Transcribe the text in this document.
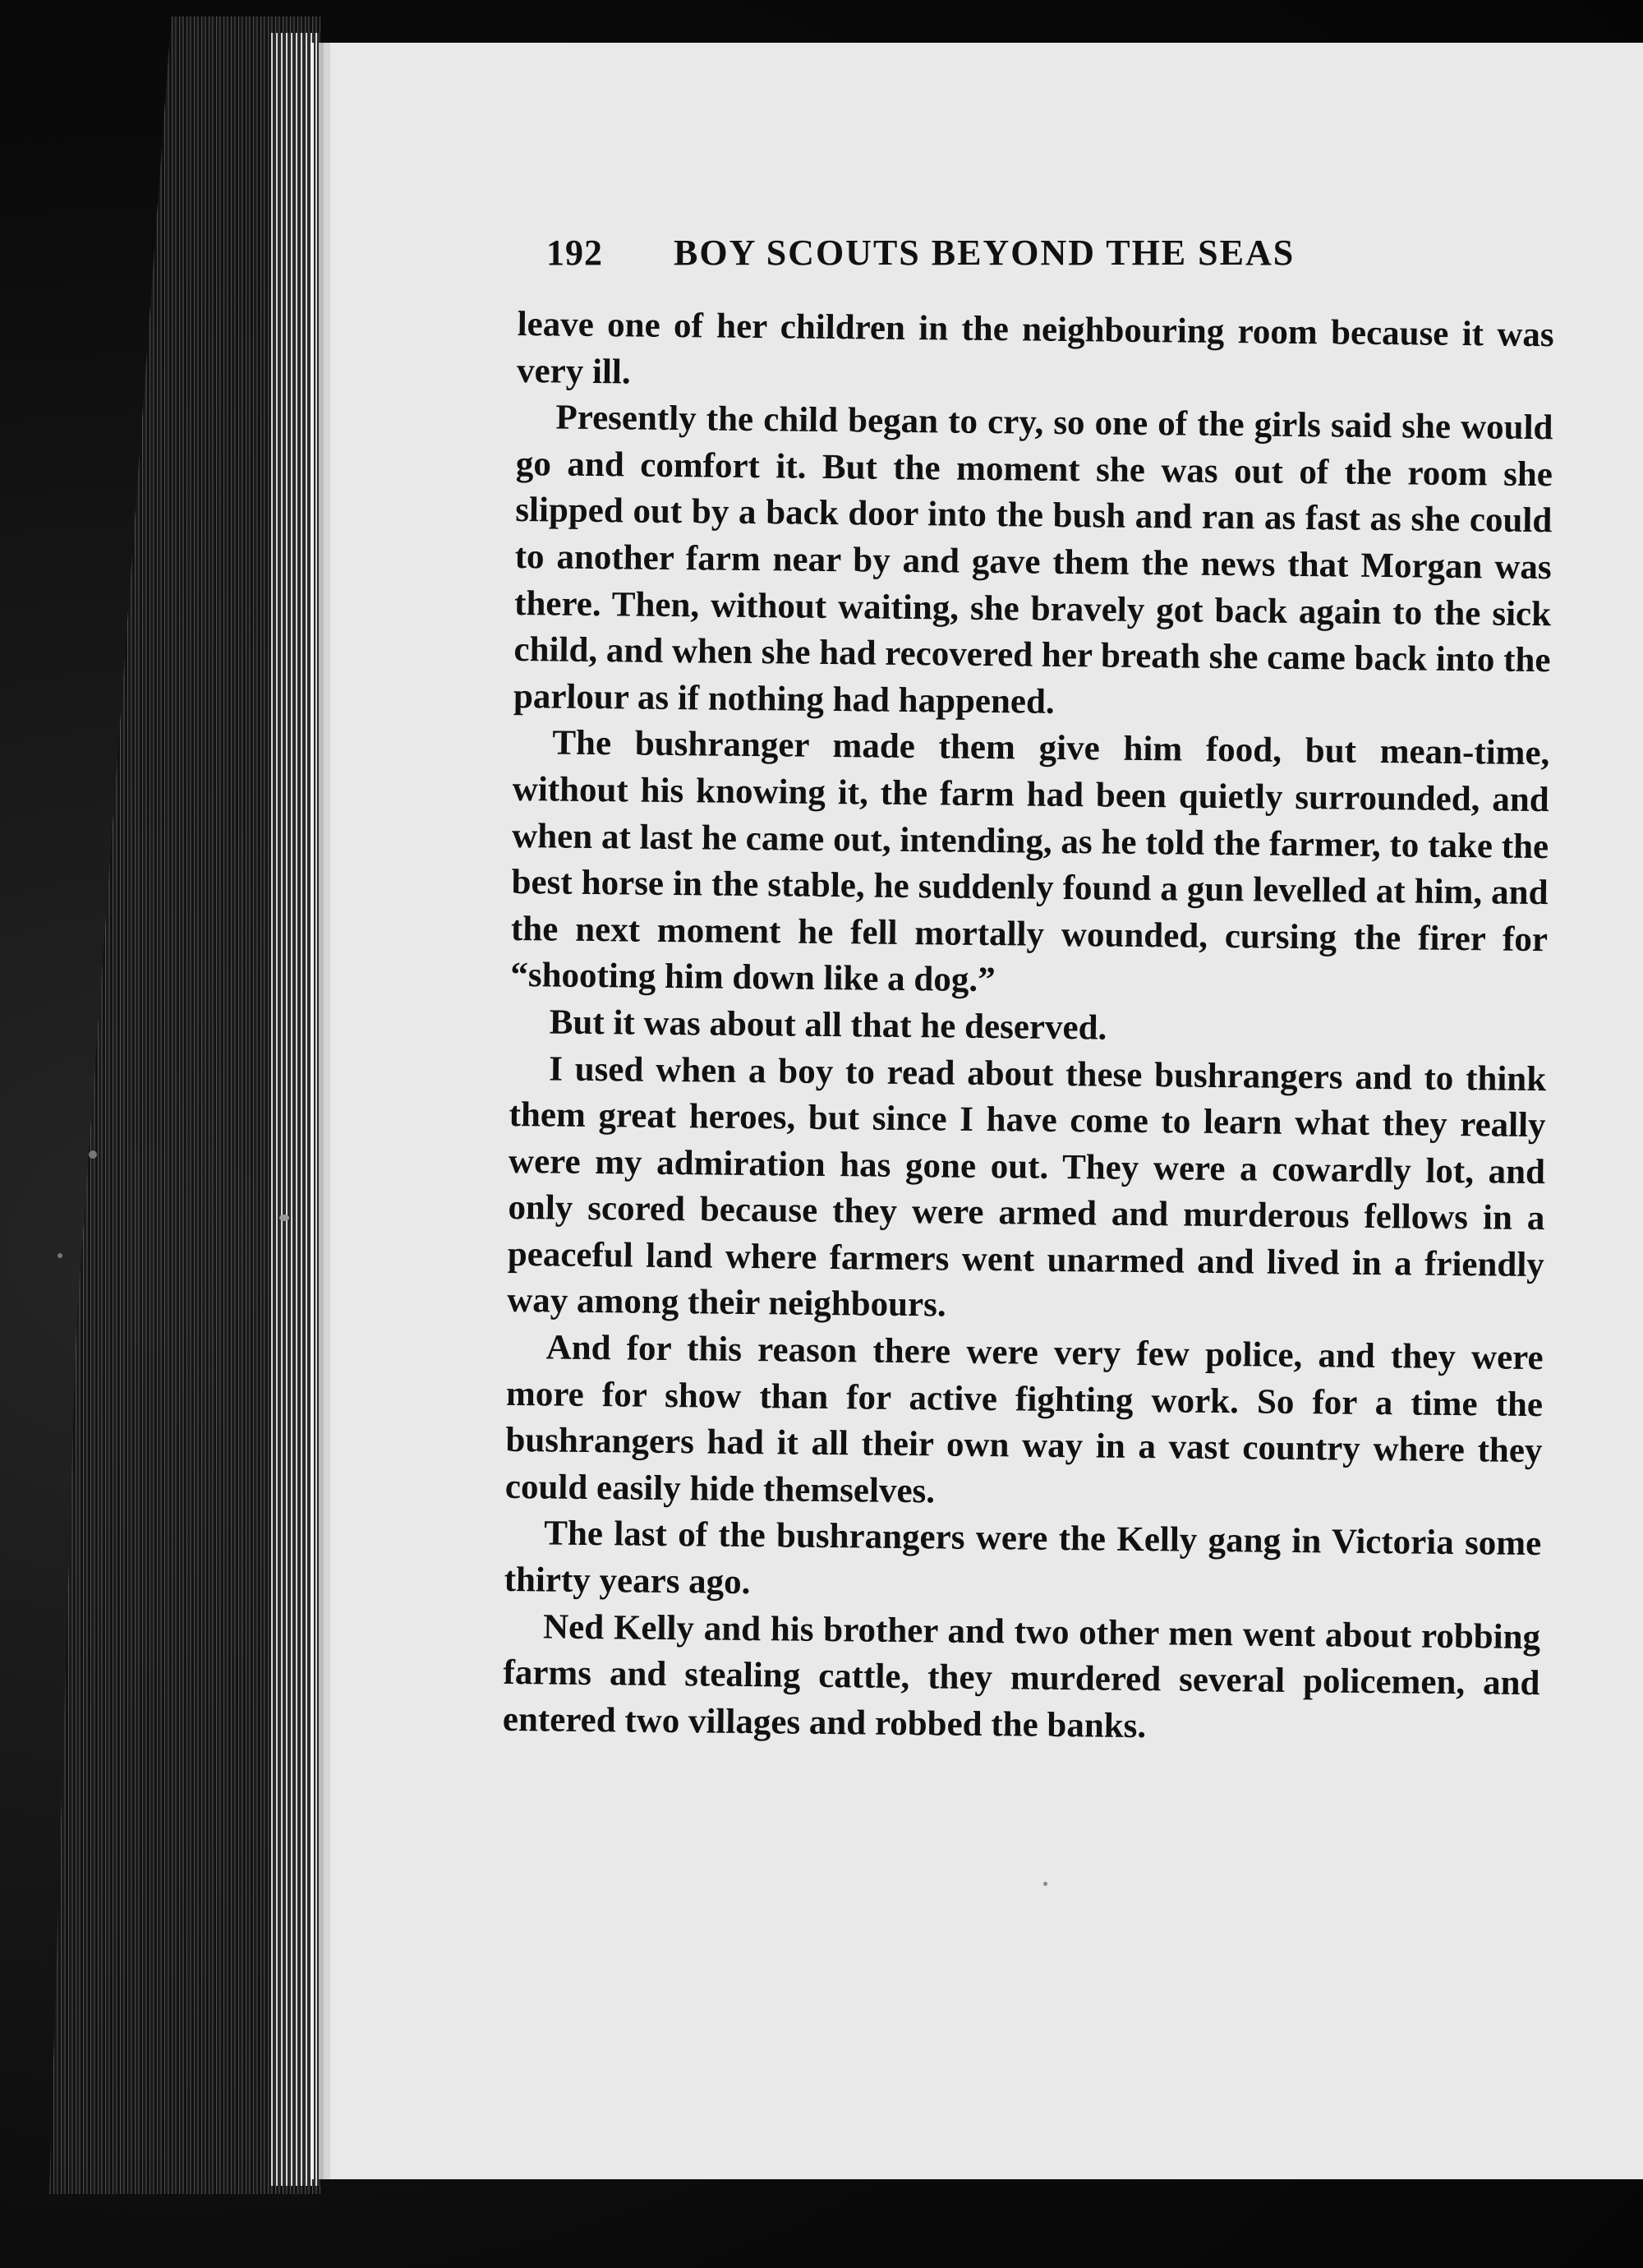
192	BOY SCOUTS BEYOND THE SEAS

leave one of her children in the neighbouring room because it was very ill.

Presently the child began to cry, so one of the girls said she would go and comfort it. But the moment she was out of the room she slipped out by a back door into the bush and ran as fast as she could to another farm near by and gave them the news that Morgan was there. Then, without waiting, she bravely got back again to the sick child, and when she had recovered her breath she came back into the parlour as if nothing had happened.

The bushranger made them give him food, but mean-time, without his knowing it, the farm had been quietly surrounded, and when at last he came out, intending, as he told the farmer, to take the best horse in the stable, he suddenly found a gun levelled at him, and the next moment he fell mortally wounded, cursing the firer for “shooting him down like a dog.”

But it was about all that he deserved.

I used when a boy to read about these bushrangers and to think them great heroes, but since I have come to learn what they really were my admiration has gone out. They were a cowardly lot, and only scored because they were armed and murderous fellows in a peaceful land where farmers went unarmed and lived in a friendly way among their neighbours.

And for this reason there were very few police, and they were more for show than for active fighting work. So for a time the bushrangers had it all their own way in a vast country where they could easily hide themselves.

The last of the bushrangers were the Kelly gang in Victoria some thirty years ago.

Ned Kelly and his brother and two other men went about robbing farms and stealing cattle, they murdered several policemen, and entered two villages and robbed the banks.
